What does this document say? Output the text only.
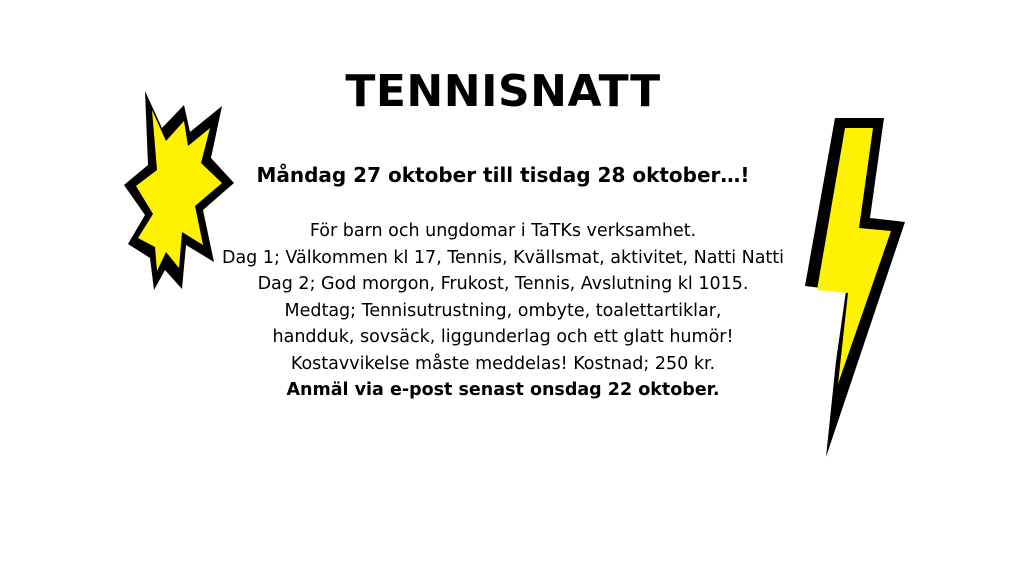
TENNISNATT

Måndag 27 oktober till tisdag 28 oktober…!

För barn och ungdomar i TaTKs verksamhet.
Dag 1; Välkommen kl 17, Tennis, Kvällsmat, aktivitet, Natti Natti
Dag 2; God morgon, Frukost, Tennis, Avslutning kl 1015.
Medtag; Tennisutrustning, ombyte, toalettartiklar,
handduk, sovsäck, liggunderlag och ett glatt humör!
Kostavvikelse måste meddelas! Kostnad; 250 kr.
Anmäl via e-post senast onsdag 22 oktober.
